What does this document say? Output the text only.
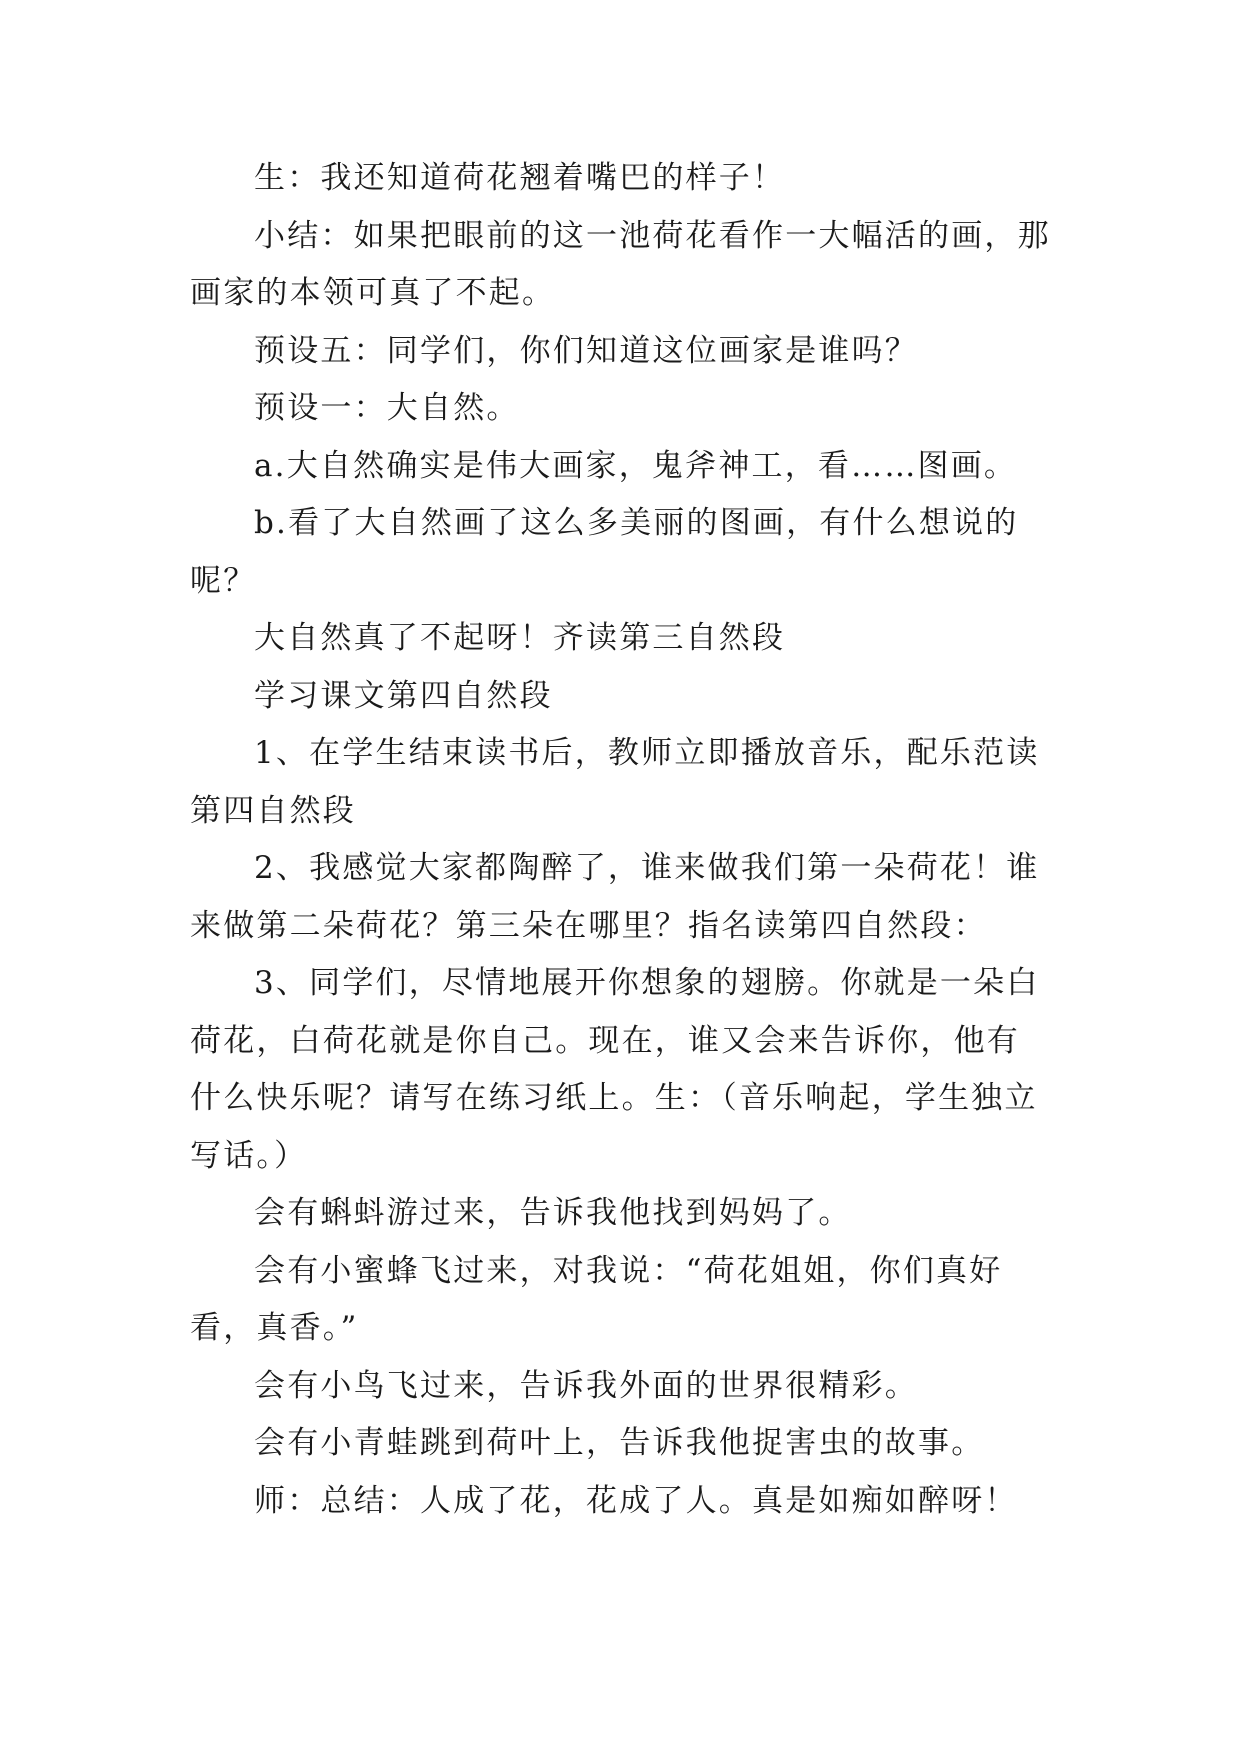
生：我还知道荷花翘着嘴巴的样子！

小结：如果把眼前的这一池荷花看作一大幅活的画，那画家的本领可真了不起。

预设五：同学们，你们知道这位画家是谁吗？

预设一：大自然。

a.大自然确实是伟大画家，鬼斧神工，看……图画。

b.看了大自然画了这么多美丽的图画，有什么想说的呢？

大自然真了不起呀！齐读第三自然段

学习课文第四自然段

1、在学生结束读书后，教师立即播放音乐，配乐范读第四自然段

2、我感觉大家都陶醉了，谁来做我们第一朵荷花！谁来做第二朵荷花？第三朵在哪里？指名读第四自然段：

3、同学们，尽情地展开你想象的翅膀。你就是一朵白荷花，白荷花就是你自己。现在，谁又会来告诉你，他有什么快乐呢？请写在练习纸上。生：（音乐响起，学生独立写话。）

会有蝌蚪游过来，告诉我他找到妈妈了。

会有小蜜蜂飞过来，对我说：“荷花姐姐，你们真好看，真香。”

会有小鸟飞过来，告诉我外面的世界很精彩。

会有小青蛙跳到荷叶上，告诉我他捉害虫的故事。

师：总结：人成了花，花成了人。真是如痴如醉呀！
